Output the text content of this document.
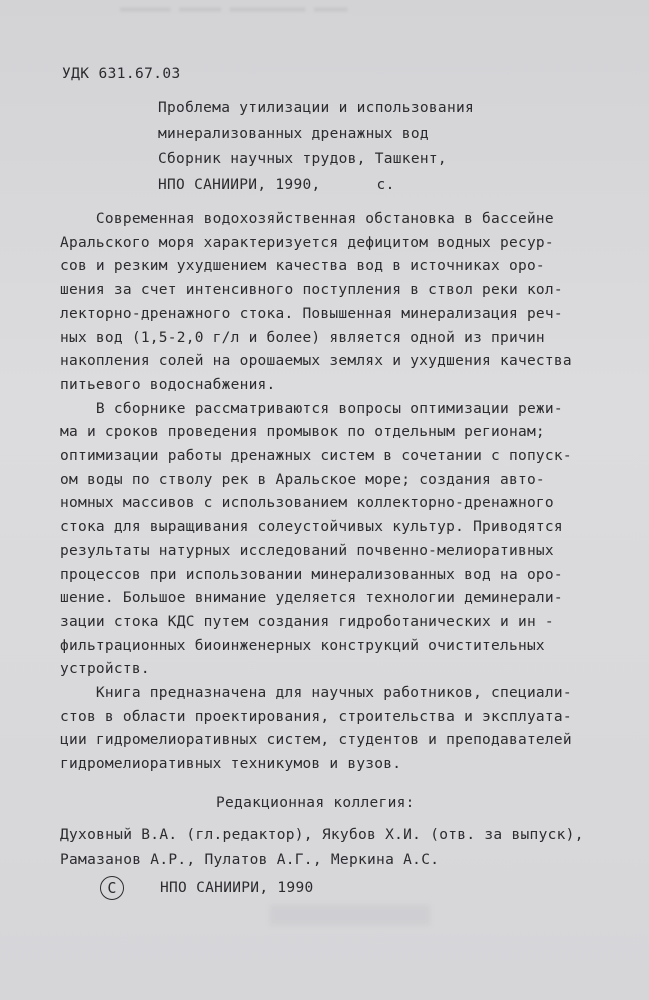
▬▬▬▬▬▬ ▬▬▬▬▬ ▬▬▬▬▬▬▬▬▬ ▬▬▬▬
УДК 631.67.03
Проблема утилизации и использования
минерализованных дренажных вод
Сборник научных трудов, Ташкент,
НПО САНИИРИ, 1990,	с.
Современная водохозяйственная обстановка в бассейне
Аральского моря характеризуется дефицитом водных ресур-
сов и резким ухудшением качества вод в источниках оро-
шения за счет интенсивного поступления в ствол реки кол-
лекторно-дренажного стока. Повышенная минерализация реч-
ных вод (1,5-2,0 г/л и более) является одной из причин
накопления солей на орошаемых землях и ухудшения качества
питьевого водоснабжения.
В сборнике рассматриваются вопросы оптимизации режи-
ма и сроков проведения промывок по отдельным регионам;
оптимизации работы дренажных систем в сочетании с попуск-
ом воды по стволу рек в Аральское море; создания авто-
номных массивов с использованием коллекторно-дренажного
стока для выращивания солеустойчивых культур. Приводятся
результаты натурных исследований почвенно-мелиоративных
процессов при использовании минерализованных вод на оро-
шение. Большое внимание уделяется технологии деминерали-
зации стока КДС путем создания гидроботанических и ин -
фильтрационных биоинженерных конструкций очистительных
устройств.
Книга предназначена для научных работников, специали-
стов в области проектирования, строительства и эксплуата-
ции гидромелиоративных систем, студентов и преподавателей
гидромелиоративных техникумов и вузов.
Редакционная коллегия:
Духовный В.А. (гл.редактор), Якубов Х.И. (отв. за выпуск),
Рамазанов А.Р., Пулатов А.Г., Меркина А.С.
С	НПО САНИИРИ, 1990
